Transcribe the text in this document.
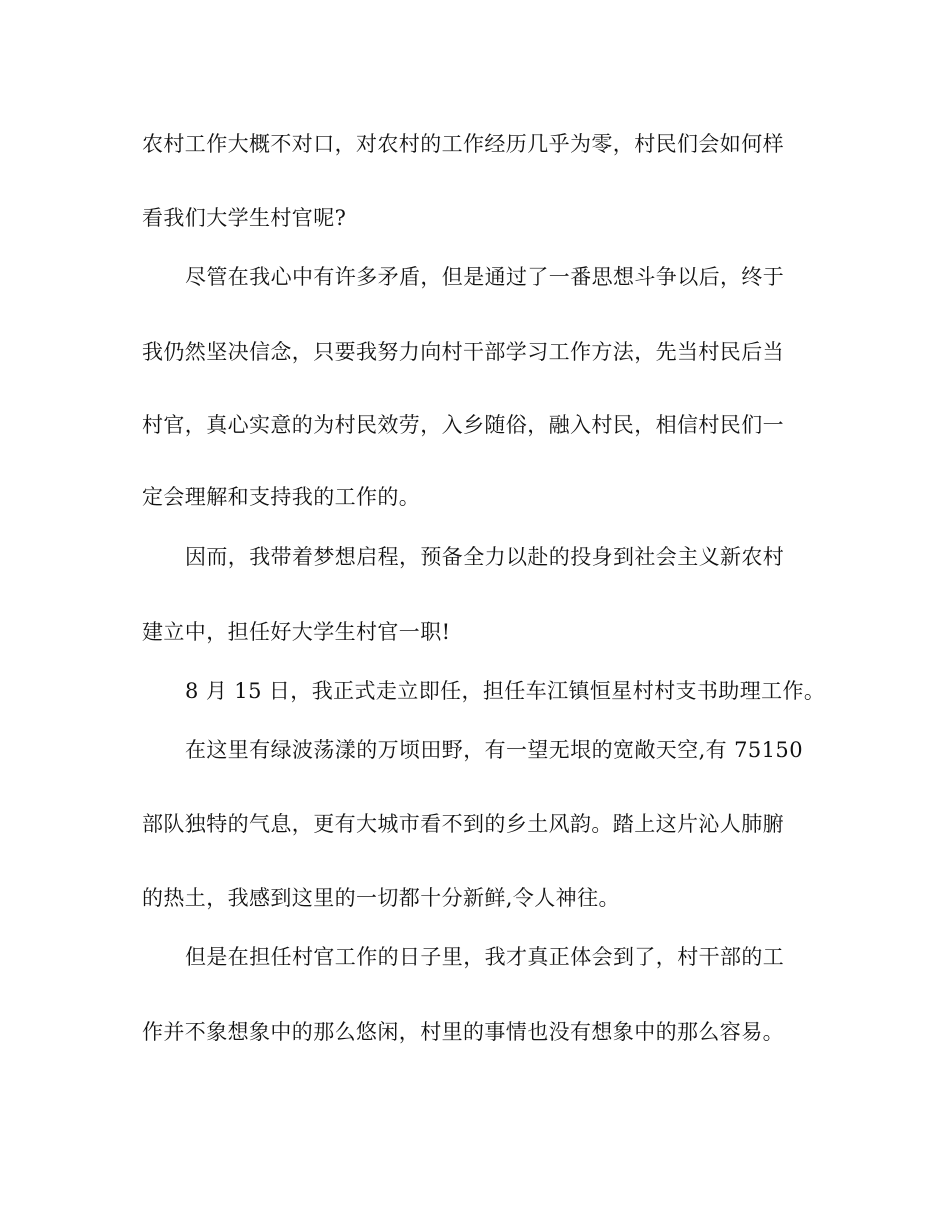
农村工作大概不对口，对农村的工作经历几乎为零，村民们会如何样
看我们大学生村官呢?
尽管在我心中有许多矛盾，但是通过了一番思想斗争以后，终于
我仍然坚决信念，只要我努力向村干部学习工作方法，先当村民后当
村官，真心实意的为村民效劳，入乡随俗，融入村民，相信村民们一
定会理解和支持我的工作的。
因而，我带着梦想启程，预备全力以赴的投身到社会主义新农村
建立中，担任好大学生村官一职!
8 月 15 日，我正式走立即任，担任车江镇恒星村村支书助理工作。
在这里有绿波荡漾的万顷田野，有一望无垠的宽敞天空,有 75150
部队独特的气息，更有大城市看不到的乡土风韵。踏上这片沁人肺腑
的热土，我感到这里的一切都十分新鲜,令人神往。
但是在担任村官工作的日子里，我才真正体会到了，村干部的工
作并不象想象中的那么悠闲，村里的事情也没有想象中的那么容易。
